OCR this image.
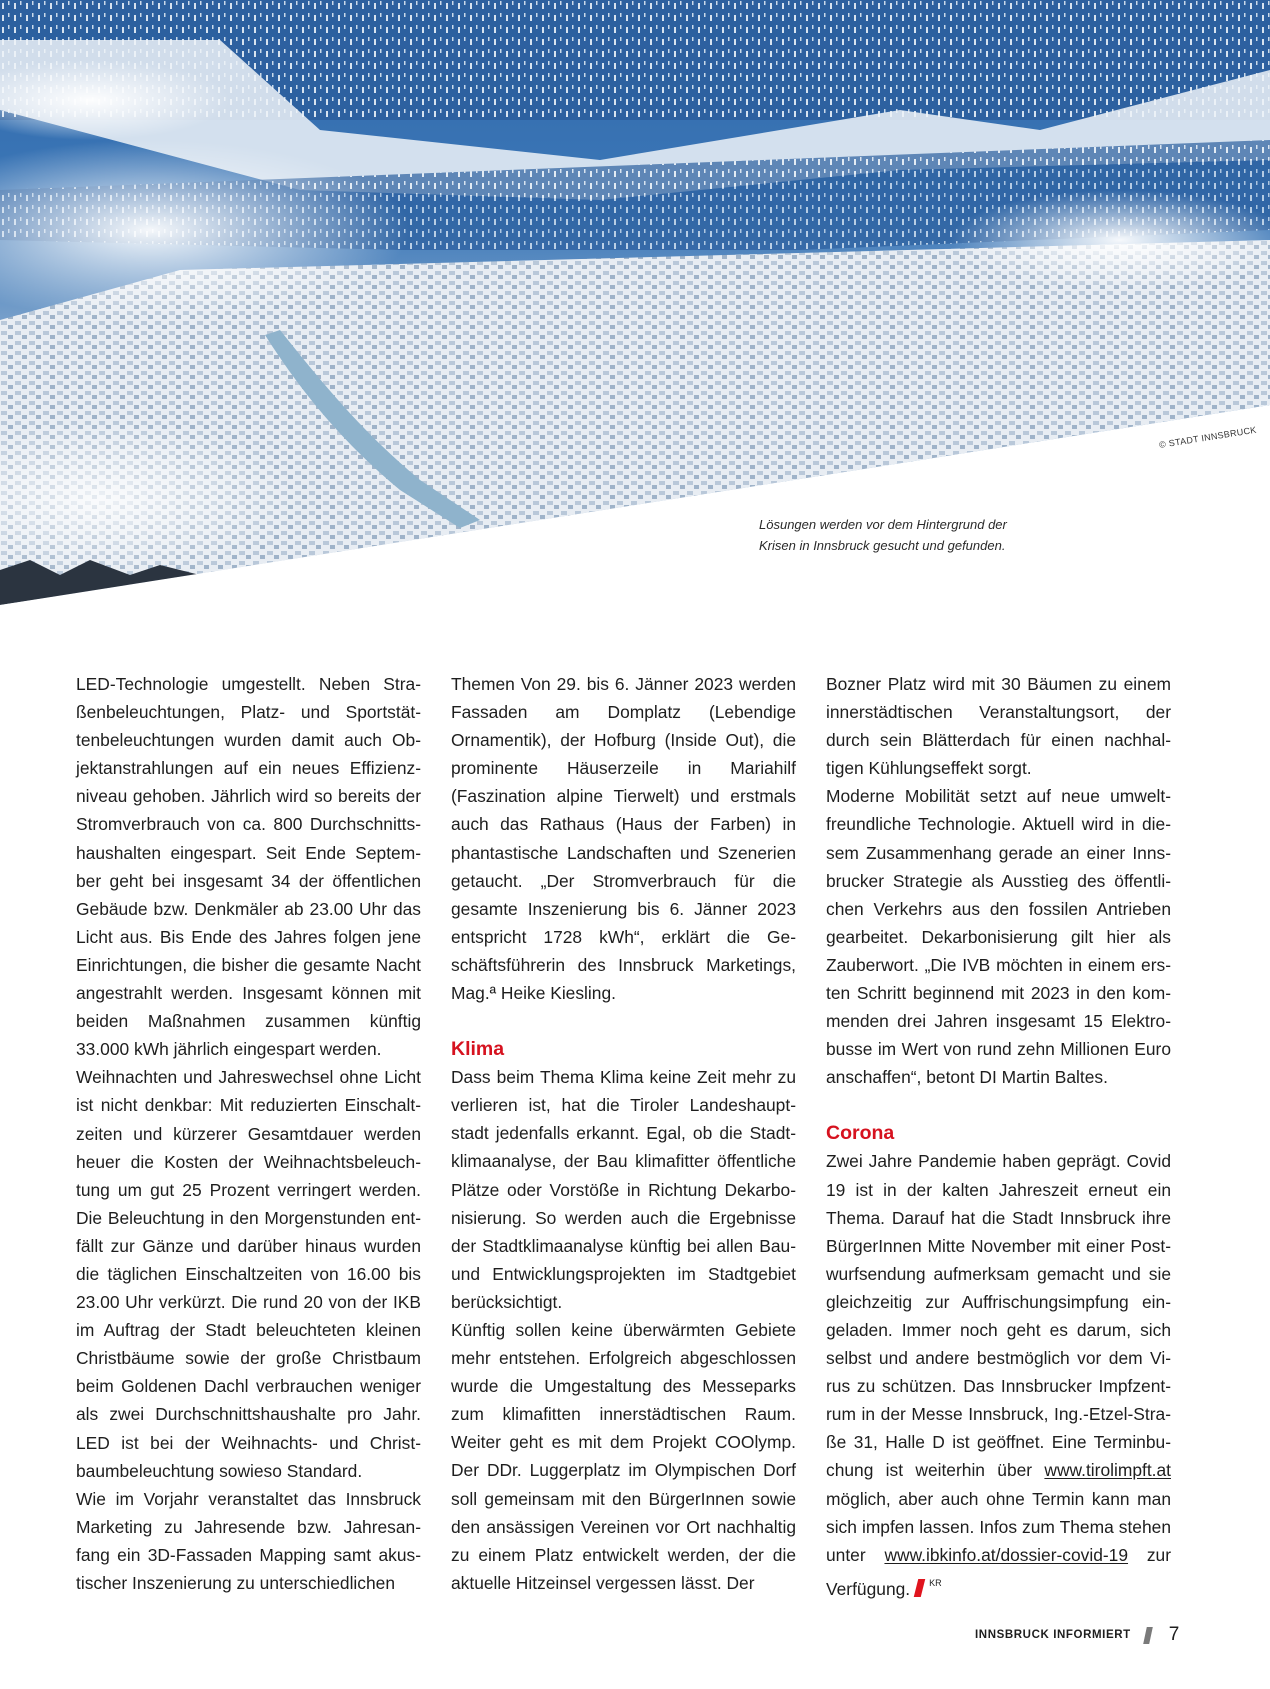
© STADT INNSBRUCK
Lösungen werden vor dem Hintergrund der
Krisen in Innsbruck gesucht und gefunden.

LED-Technologie umgestellt. Neben Straßenbeleuchtungen, Platz- und Sportstättenbeleuchtungen wurden damit auch Objektanstrahlungen auf ein neues Effizienzniveau gehoben. Jährlich wird so bereits der Stromverbrauch von ca. 800 Durchschnittshaushalten eingespart. Seit Ende September geht bei insgesamt 34 der öffentlichen Gebäude bzw. Denkmäler ab 23.00 Uhr das Licht aus. Bis Ende des Jahres folgen jene Einrichtungen, die bisher die gesamte Nacht angestrahlt werden. Insgesamt können mit beiden Maßnahmen zusammen künftig 33.000 kWh jährlich eingespart werden.

Weihnachten und Jahreswechsel ohne Licht ist nicht denkbar: Mit reduzierten Einschaltzeiten und kürzerer Gesamtdauer werden heuer die Kosten der Weihnachtsbeleuchtung um gut 25 Prozent verringert werden. Die Beleuchtung in den Morgenstunden entfällt zur Gänze und darüber hinaus wurden die täglichen Einschaltzeiten von 16.00 bis 23.00 Uhr verkürzt. Die rund 20 von der IKB im Auftrag der Stadt beleuchteten kleinen Christbäume sowie der große Christbaum beim Goldenen Dachl verbrauchen weniger als zwei Durchschnittshaushalte pro Jahr. LED ist bei der Weihnachts- und Christbaumbeleuchtung sowieso Standard.

Wie im Vorjahr veranstaltet das Innsbruck Marketing zu Jahresende bzw. Jahresanfang ein 3D-Fassaden Mapping samt akustischer Inszenierung zu unterschiedlichen

Themen Von 29. bis 6. Jänner 2023 werden Fassaden am Domplatz (Lebendige Ornamentik), der Hofburg (Inside Out), die prominente Häuserzeile in Mariahilf (Faszination alpine Tierwelt) und erstmals auch das Rathaus (Haus der Farben) in phantastische Landschaften und Szenerien getaucht. „Der Stromverbrauch für die gesamte Inszenierung bis 6. Jänner 2023 entspricht 1728 kWh“, erklärt die Geschäftsführerin des Innsbruck Marketings, Mag.ª Heike Kiesling.

Klima

Dass beim Thema Klima keine Zeit mehr zu verlieren ist, hat die Tiroler Landeshauptstadt jedenfalls erkannt. Egal, ob die Stadtklimaanalyse, der Bau klimafitter öffentliche Plätze oder Vorstöße in Richtung Dekarbonisierung. So werden auch die Ergebnisse der Stadtklimaanalyse künftig bei allen Bau- und Entwicklungsprojekten im Stadtgebiet berücksichtigt.

Künftig sollen keine überwärmten Gebiete mehr entstehen. Erfolgreich abgeschlossen wurde die Umgestaltung des Messeparks zum klimafitten innerstädtischen Raum. Weiter geht es mit dem Projekt COOlymp. Der DDr. Luggerplatz im Olympischen Dorf soll gemeinsam mit den BürgerInnen sowie den ansässigen Vereinen vor Ort nachhaltig zu einem Platz entwickelt werden, der die aktuelle Hitzeinsel vergessen lässt. Der

Bozner Platz wird mit 30 Bäumen zu einem innerstädtischen Veranstaltungsort, der durch sein Blätterdach für einen nachhaltigen Kühlungseffekt sorgt.

Moderne Mobilität setzt auf neue umweltfreundliche Technologie. Aktuell wird in diesem Zusammenhang gerade an einer Innsbrucker Strategie als Ausstieg des öffentlichen Verkehrs aus den fossilen Antrieben gearbeitet. Dekarbonisierung gilt hier als Zauberwort. „Die IVB möchten in einem ersten Schritt beginnend mit 2023 in den kommenden drei Jahren insgesamt 15 Elektrobusse im Wert von rund zehn Millionen Euro anschaffen“, betont DI Martin Baltes.

Corona

Zwei Jahre Pandemie haben geprägt. Covid 19 ist in der kalten Jahreszeit erneut ein Thema. Darauf hat die Stadt Innsbruck ihre BürgerInnen Mitte November mit einer Postwurfsendung aufmerksam gemacht und sie gleichzeitig zur Auffrischungsimpfung eingeladen. Immer noch geht es darum, sich selbst und andere bestmöglich vor dem Virus zu schützen. Das Innsbrucker Impfzentrum in der Messe Innsbruck, Ing.-Etzel-Straße 31, Halle D ist geöffnet. Eine Terminbuchung ist weiterhin über www.tirolimpft.at möglich, aber auch ohne Termin kann man sich impfen lassen. Infos zum Thema stehen unter www.ibkinfo.at/dossier-covid-19 zur Verfügung. $^{KR}$

INNSBRUCK INFORMIERT 7
